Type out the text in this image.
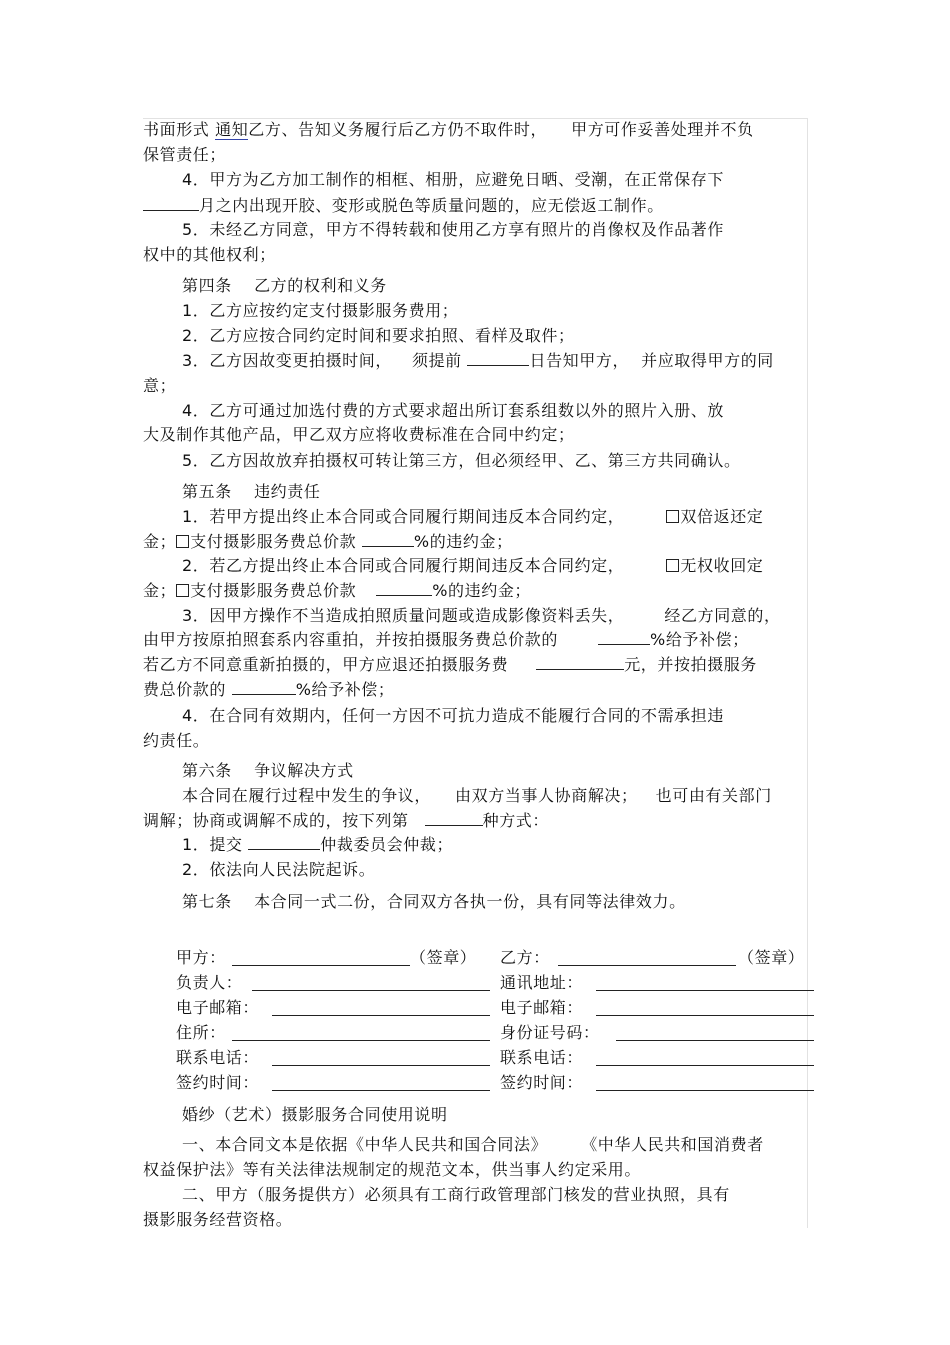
书面形式 通知乙方、告知义务履行后乙方仍不取件时， 甲方可作妥善处理并不负
保管责任；
4．甲方为乙方加工制作的相框、相册，应避免日晒、受潮，在正常保存下
月之内出现开胶、变形或脱色等质量问题的，应无偿返工制作。
5．未经乙方同意，甲方不得转载和使用乙方享有照片的肖像权及作品著作
权中的其他权利；
第四条　 乙方的权利和义务
1．乙方应按约定支付摄影服务费用；
2．乙方应按合同约定时间和要求拍照、看样及取件；
3．乙方因故变更拍摄时间， 须提前	日告知甲方， 并应取得甲方的同
意；
4．乙方可通过加选付费的方式要求超出所订套系组数以外的照片入册、放
大及制作其他产品，甲乙双方应将收费标准在合同中约定；
5．乙方因故放弃拍摄权可转让第三方，但必须经甲、乙、第三方共同确认。
第五条　 违约责任
1．若甲方提出终止本合同或合同履行期间违反本合同约定，	双倍返还定
金； 支付摄影服务费总价款	%的违约金；
2．若乙方提出终止本合同或合同履行期间违反本合同约定，	无权收回定
金； 支付摄影服务费总价款	%的违约金；
3．因甲方操作不当造成拍照质量问题或造成影像资料丢失，	经乙方同意的，
由甲方按原拍照套系内容重拍，并按拍摄服务费总价款的	%给予补偿；
若乙方不同意重新拍摄的，甲方应退还拍摄服务费	元，并按拍摄服务
费总价款的	%给予补偿；
4．在合同有效期内，任何一方因不可抗力造成不能履行合同的不需承担违
约责任。
第六条　 争议解决方式
本合同在履行过程中发生的争议， 由双方当事人协商解决； 也可由有关部门
调解；协商或调解不成的，按下列第	种方式：
1．提交	仲裁委员会仲裁；
2．依法向人民法院起诉。
第七条　 本合同一式二份，合同双方各执一份，具有同等法律效力。
甲方：	（签章） 乙方：	（签章）
负责人：	通讯地址：
电子邮箱：	电子邮箱：
住所：	身份证号码：
联系电话：	联系电话：
签约时间：	签约时间：
婚纱（艺术）摄影服务合同使用说明
一、本合同文本是依据《中华人民共和国合同法》 《中华人民共和国消费者
权益保护法》等有关法律法规制定的规范文本，供当事人约定采用。
二、甲方（服务提供方）必须具有工商行政管理部门核发的营业执照，具有
摄影服务经营资格。
